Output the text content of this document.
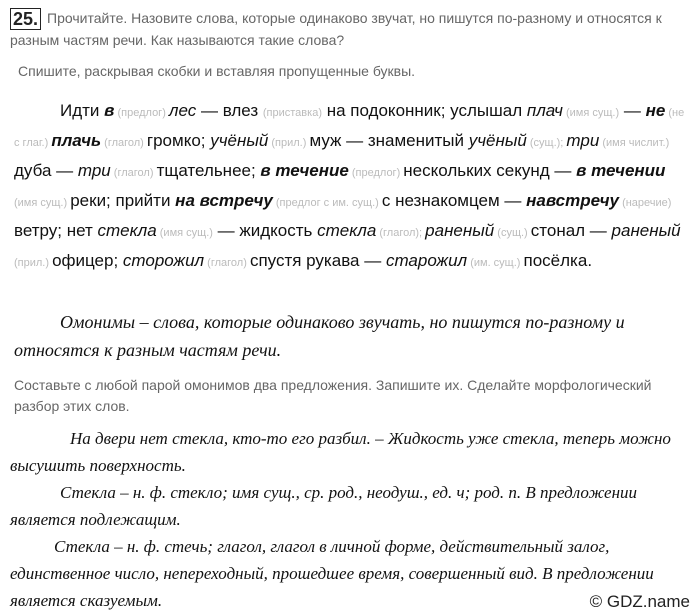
25. Прочитайте. Назовите слова, которые одинаково звучат, но пишутся по-разному и относятся к разным частям речи. Как называются такие слова?
Спишите, раскрывая скобки и вставляя пропущенные буквы.
Идти в (предлог) лес — влез (приставка) на подоконник; услышал плач (имя сущ.) — не (не с глаг.) плачь (глагол) громко; учёный (прил.) муж — знаменитый учёный (сущ.); три (имя числит.) дуба — три (глагол) тщательнее; в течение (предлог) нескольких секунд — в течении (имя сущ.) реки; прийти на встречу (предлог с им. сущ.) с незнакомцем — навстречу (наречие) ветру; нет стекла (имя сущ.) — жидкость стекла (глагол); раненый (сущ.) стонал — раненый (прил.) офицер; сторожил (глагол) спустя рукава — старожил (им. сущ.) посёлка.
Омонимы – слова, которые одинаково звучать, но пишутся по-разному и относятся к разным частям речи.
Составьте с любой парой омонимов два предложения. Запишите их. Сделайте морфологический разбор этих слов.

На двери нет стекла, кто-то его разбил. – Жидкость уже стекла, теперь можно высушить поверхность.

Стекла – н. ф. стекло; имя сущ., ср. род., неодуш., ед. ч; род. п. В предложении является подлежащим.

Стекла – н. ф. стечь; глагол, глагол в личной форме, действительный залог, единственное число, непереходный, прошедшее время, совершенный вид. В предложении является сказуемым.	© GDZ.name
